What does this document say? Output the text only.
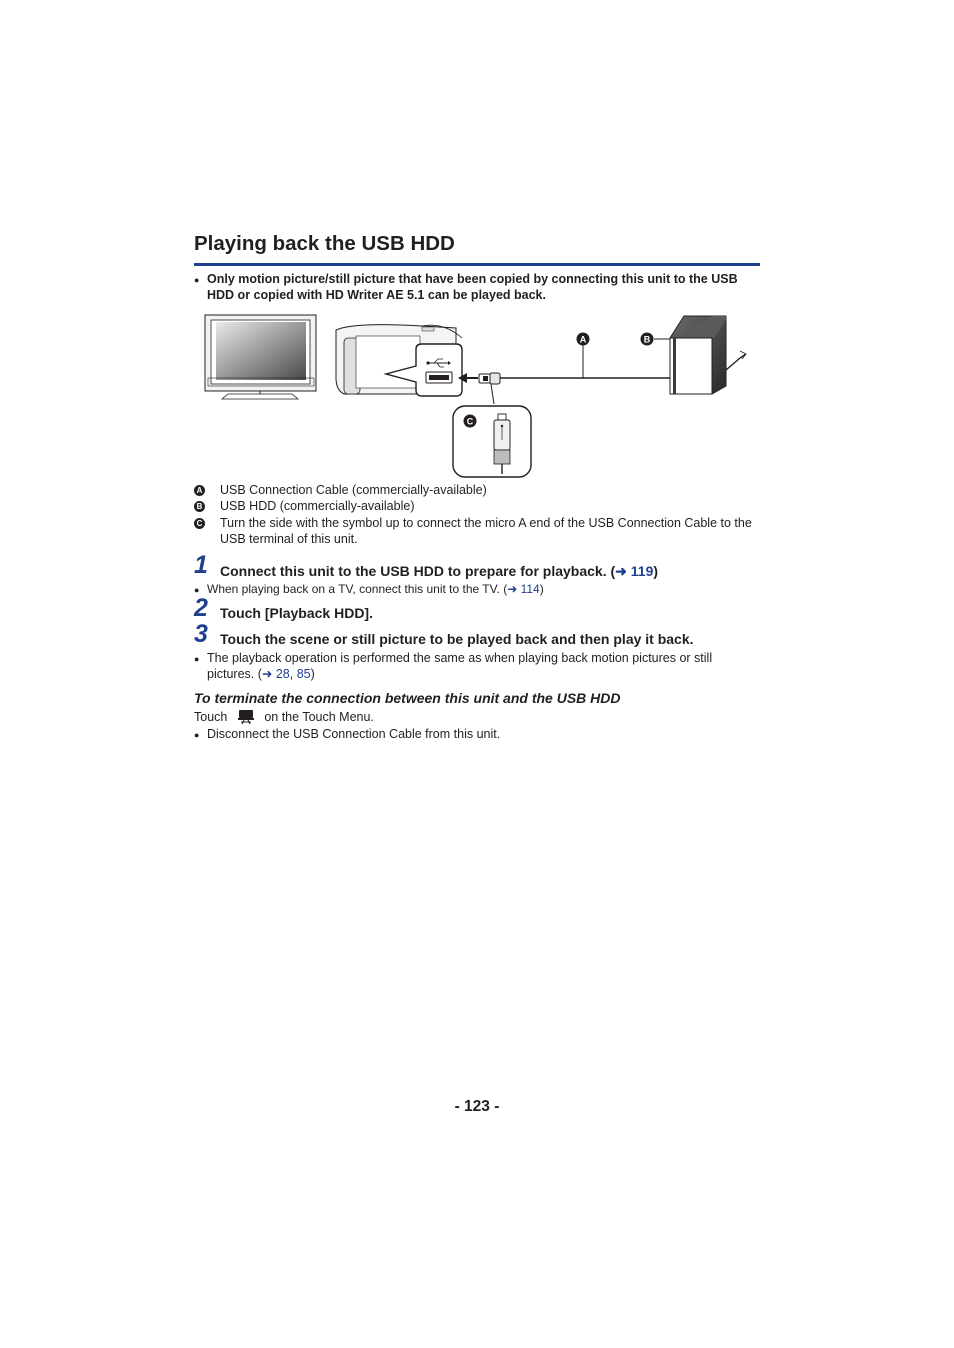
Playing back the USB HDD
● Only motion picture/still picture that have been copied by connecting this unit to the USB HDD or copied with HD Writer AE 5.1 can be played back.
A	B
C
A	USB Connection Cable (commercially-available)
B	USB HDD (commercially-available)
C	Turn the side with the symbol up to connect the micro A end of the USB Connection Cable to the USB terminal of this unit.
1 Connect this unit to the USB HDD to prepare for playback. (➜ 119)
● When playing back on a TV, connect this unit to the TV. (➜ 114)
2 Touch [Playback HDD].
3 Touch the scene or still picture to be played back and then play it back.
● The playback operation is performed the same as when playing back motion pictures or still pictures. (➜ 28, 85)
To terminate the connection between this unit and the USB HDD
Touch	on the Touch Menu.
● Disconnect the USB Connection Cable from this unit.
- 123 -
